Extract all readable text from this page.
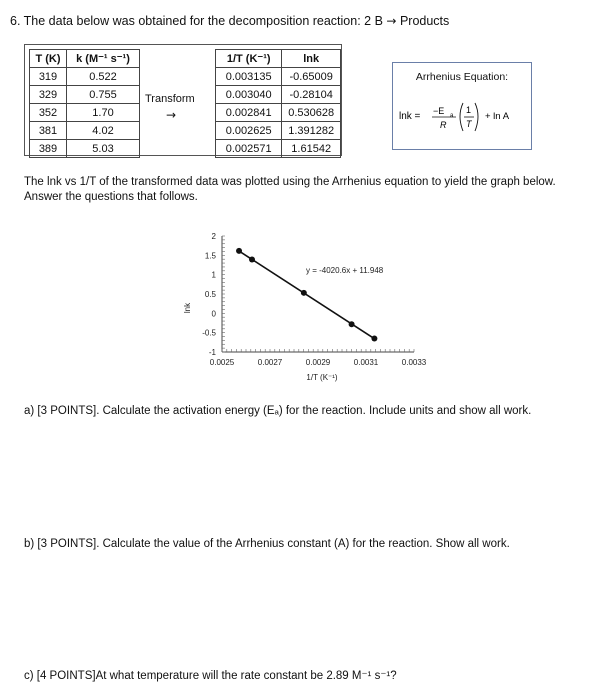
6. The data below was obtained for the decomposition reaction: 2 B → Products
T (K)	k (M⁻¹ s⁻¹)
319	0.522
329	0.755
352	1.70
381	4.02
389	5.03
Transform
→
1/T (K⁻¹)	lnk
0.003135	-0.65009
0.003040	-0.28104
0.002841	0.530628
0.002625	1.391282
0.002571	1.61542
Arrhenius Equation:
lnk = −E a
R
1
T
+ ln A
The lnk vs 1/T of the transformed data was plotted using the Arrhenius equation to yield the graph below.
Answer the questions that follows.
2
1.5
1
0.5
0
-0.5
-1
0.0025	0.0027	0.0029	0.0031	0.0033
y = -4020.6x + 11.948
1/T (K⁻¹)
lnk
a) [3 POINTS]. Calculate the activation energy (Eₐ) for the reaction. Include units and show all work.
b) [3 POINTS]. Calculate the value of the Arrhenius constant (A) for the reaction. Show all work.
c) [4 POINTS]At what temperature will the rate constant be 2.89 M⁻¹ s⁻¹?
